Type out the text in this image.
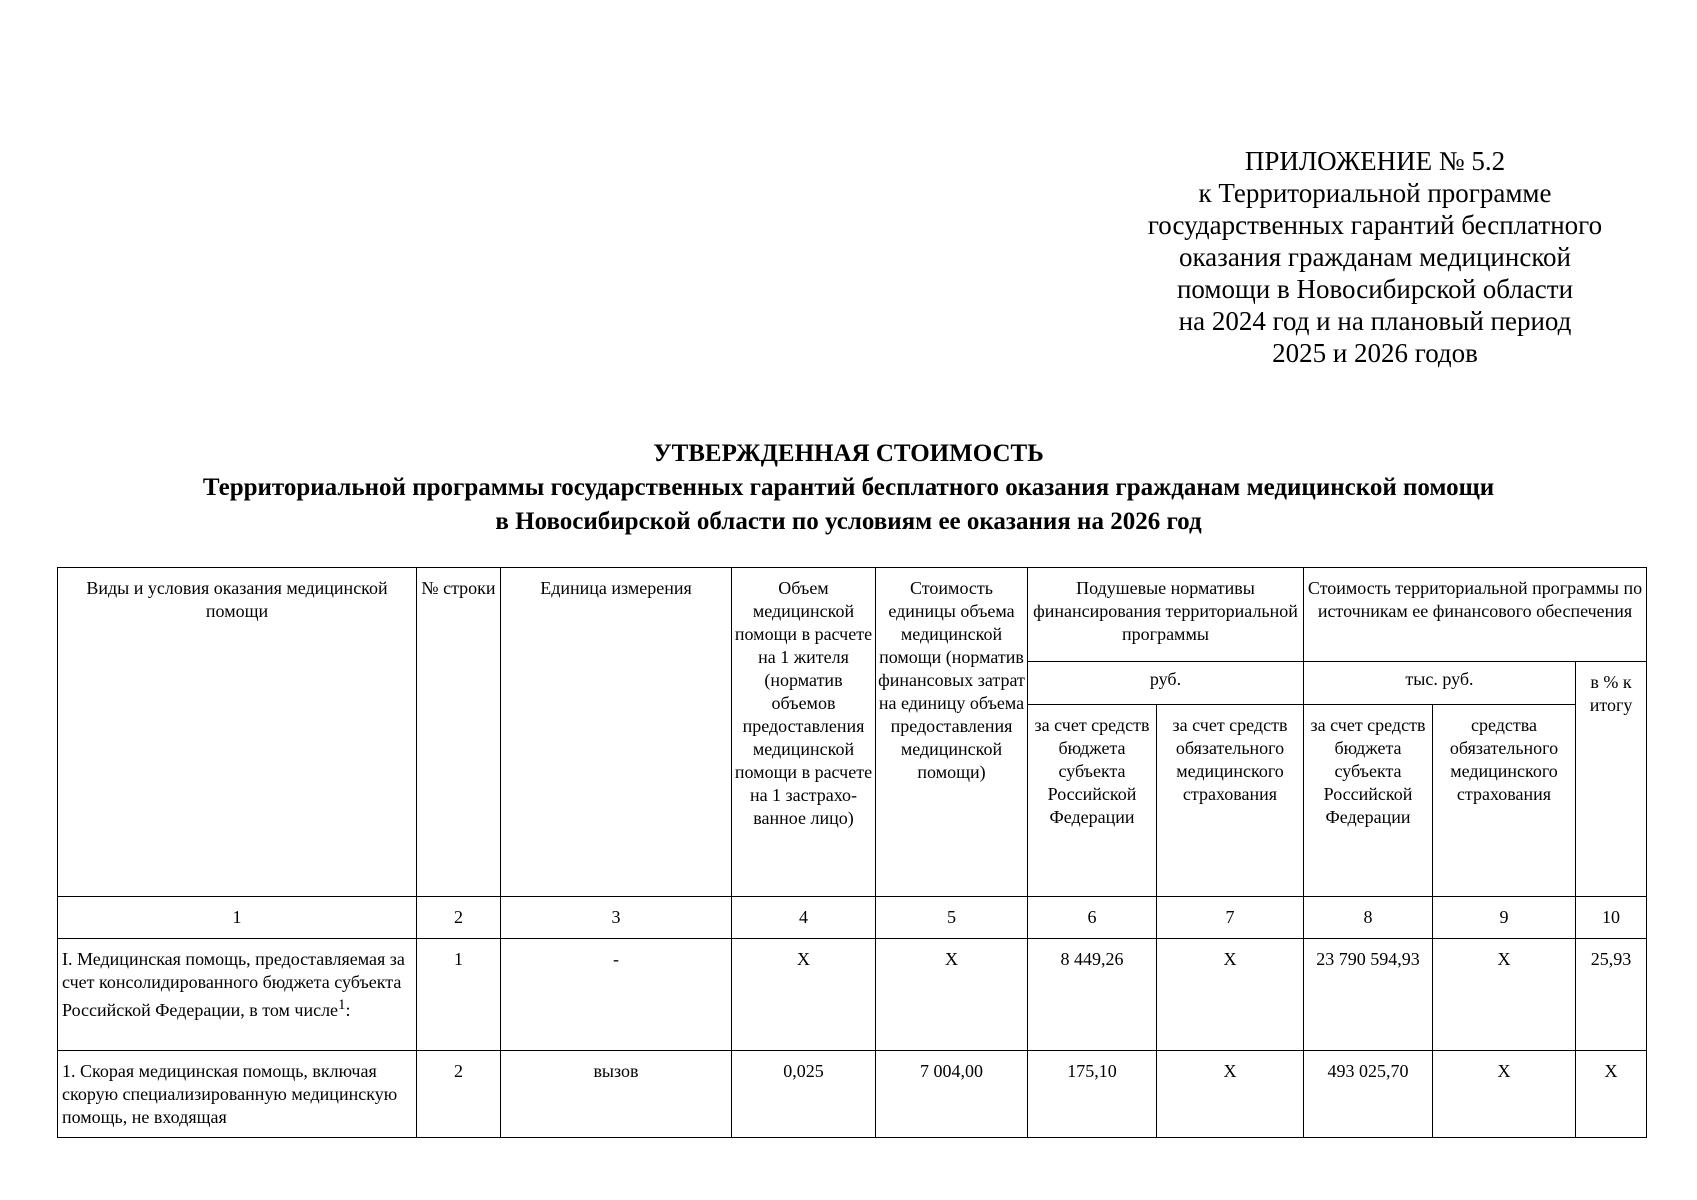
ПРИЛОЖЕНИЕ № 5.2
к Территориальной программе
государственных гарантий бесплатного
оказания гражданам медицинской
помощи в Новосибирской области
на 2024 год и на плановый период
2025 и 2026 годов
УТВЕРЖДЕННАЯ СТОИМОСТЬ
Территориальной программы государственных гарантий бесплатного оказания гражданам медицинской помощи
в Новосибирской области по условиям ее оказания на 2026 год
Виды и условия оказания медицинской помощи	№ строки	Единица измерения	Объем медицинской помощи в расчете на 1 жителя (норматив объемов предоставления медицинской помощи в расчете на 1 застрахо-ванное лицо)	Стоимость единицы объема медицинской помощи (норматив финансовых затрат на единицу объема предоставления медицинской помощи)	Подушевые нормативы финансирования территориальной программы		Стоимость территориальной программы по источникам ее финансового обеспечения		
					руб.		тыс. руб.		в % к итогу
					за счет средств бюджета субъекта Российской Федерации	за счет средств обязательного медицинского страхования	за счет средств бюджета субъекта Российской Федерации	средства обязательного медицинского страхования	
1	2	3	4	5	6	7	8	9	10
I. Медицинская помощь, предоставляемая за счет консолидированного бюджета субъекта Российской Федерации, в том числе$^1$:	1	-	Х	Х	8 449,26	Х	23 790 594,93	Х	25,93
1. Скорая медицинская помощь, включая скорую специализированную медицинскую помощь, не входящая	2	вызов	0,025	7 004,00	175,10	Х	493 025,70	Х	Х
